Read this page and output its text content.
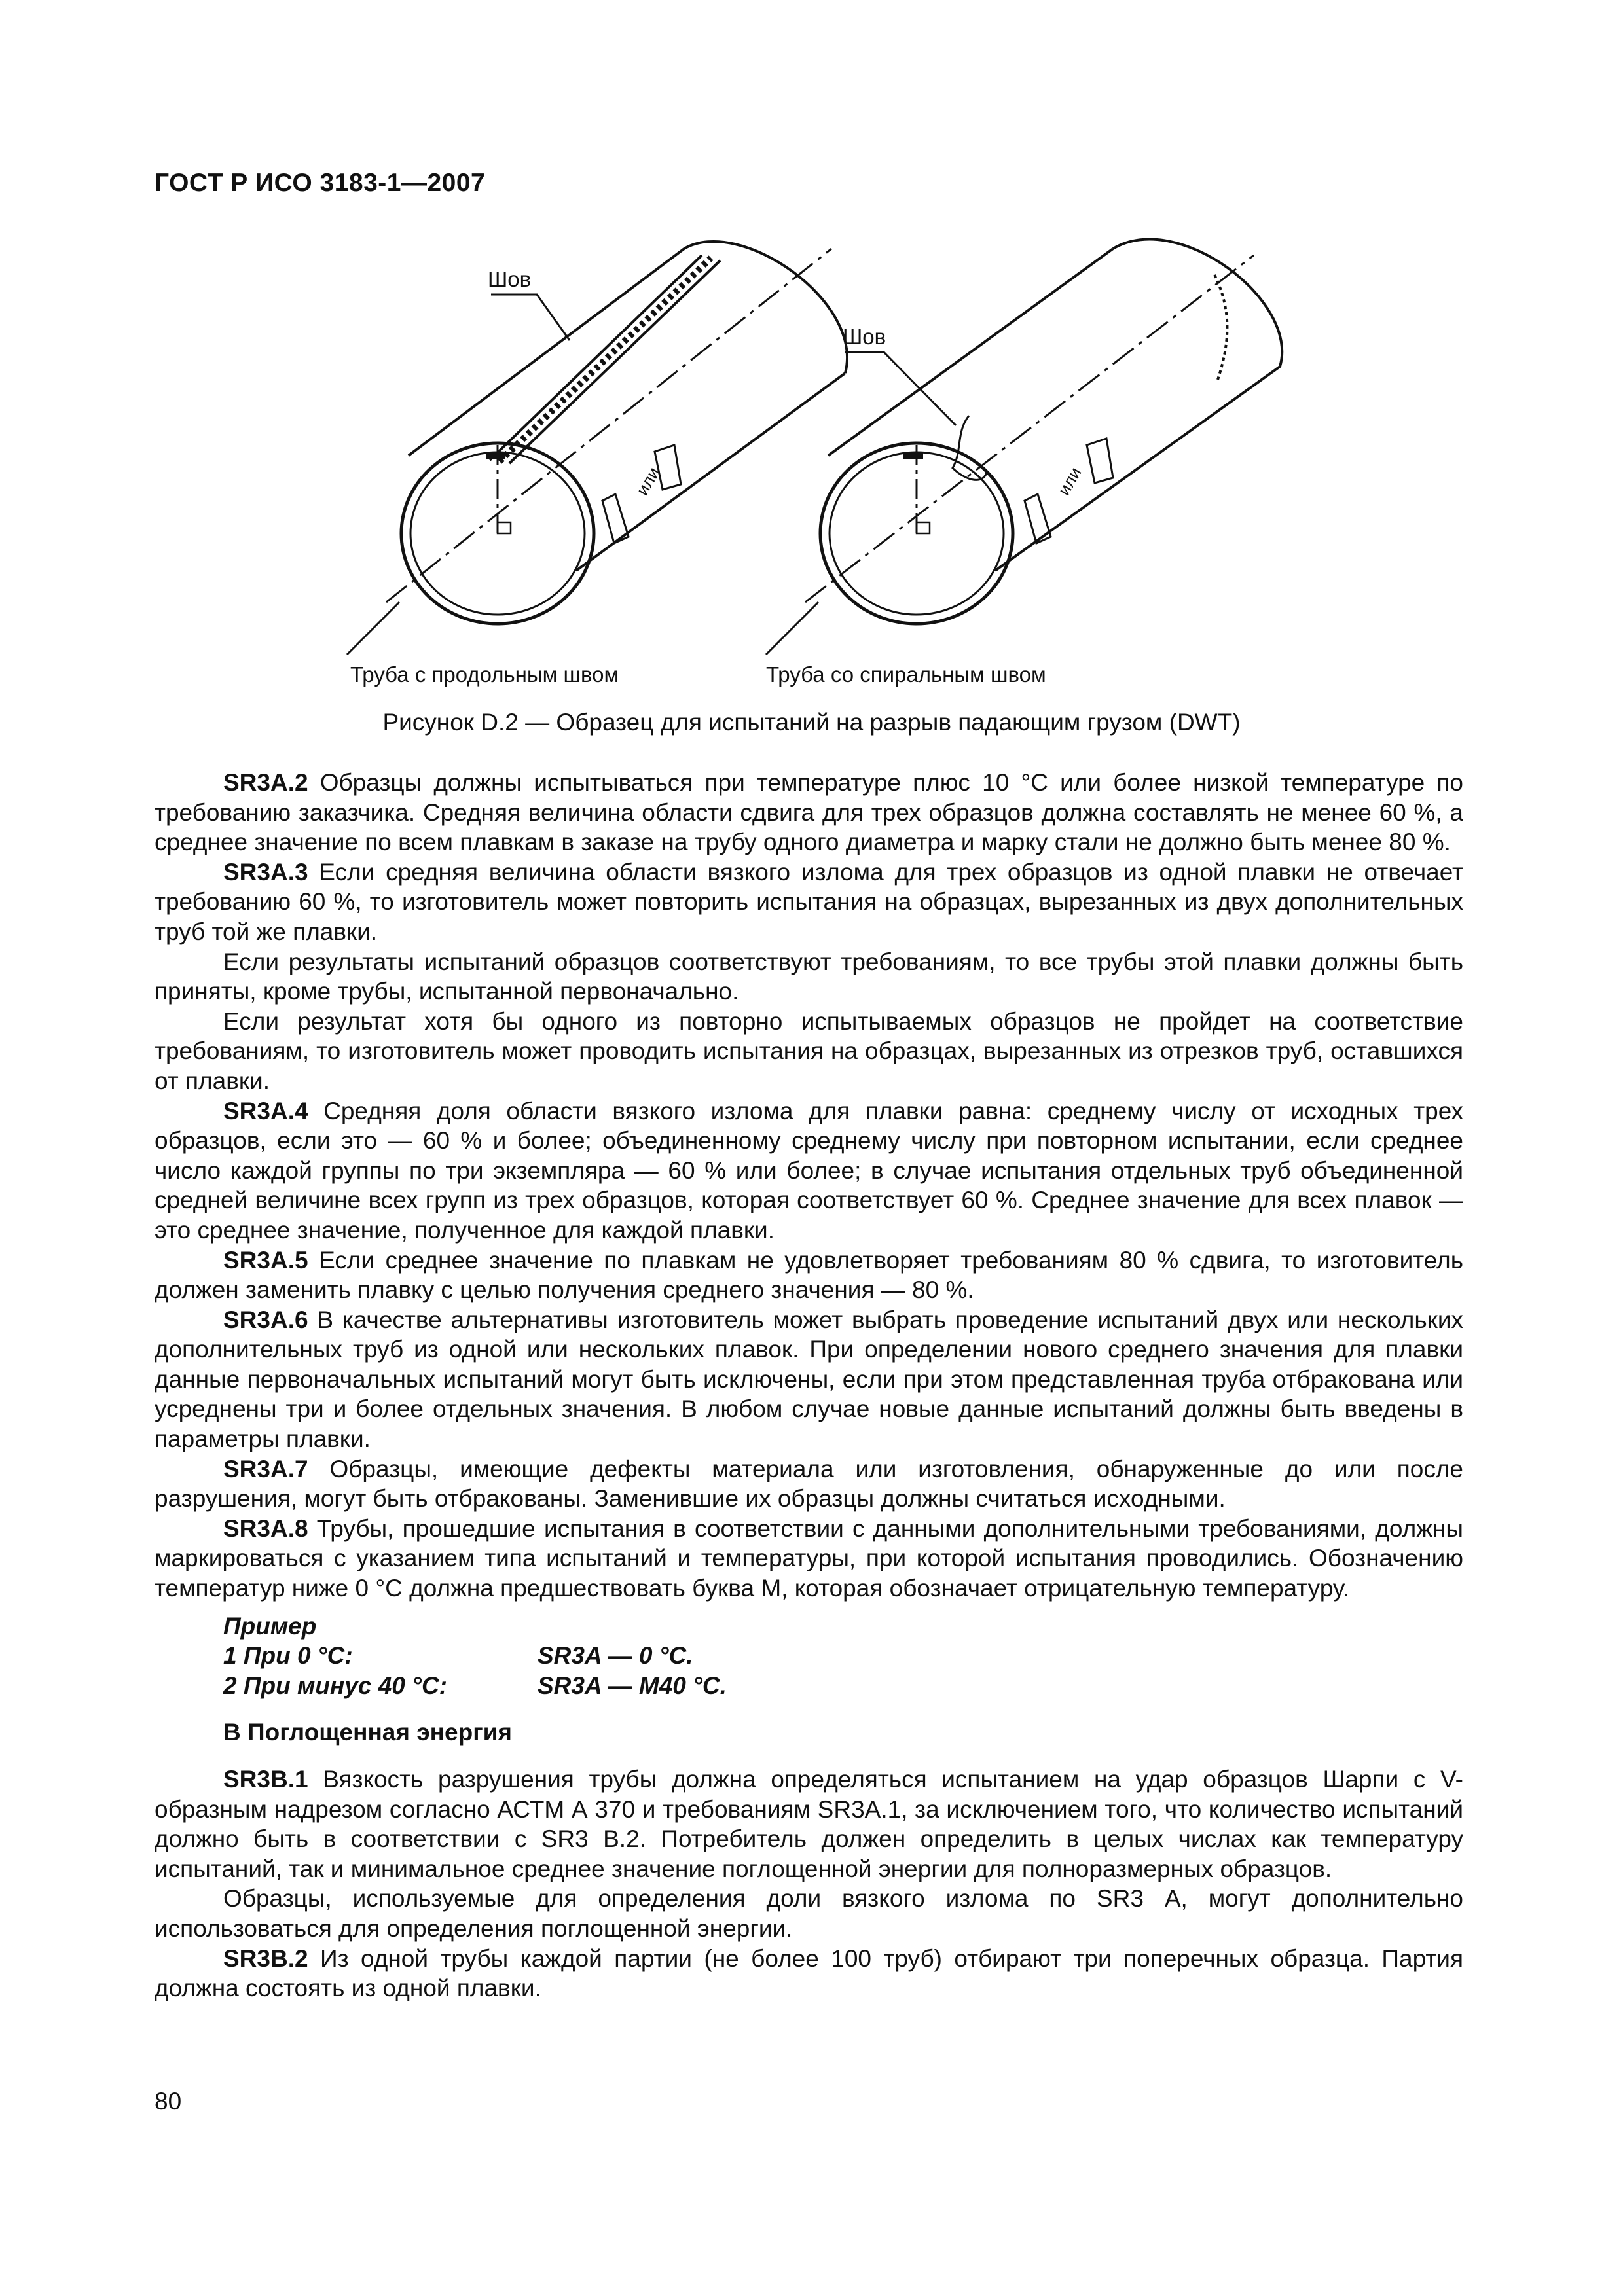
ГОСТ Р ИСО 3183-1—2007
Шов
Шов
или	или
Труба с продольным швом	Труба со спиральным швом
Рисунок D.2 — Образец для испытаний на разрыв падающим грузом (DWT)

SR3A.2 Образцы должны испытываться при температуре плюс 10 °С или более низкой температуре по требованию заказчика. Средняя величина области сдвига для трех образцов должна составлять не менее 60 %, а среднее значение по всем плавкам в заказе на трубу одного диаметра и марку стали не должно быть менее 80 %.

SR3A.3 Если средняя величина области вязкого излома для трех образцов из одной плавки не отвечает требованию 60 %, то изготовитель может повторить испытания на образцах, вырезанных из двух дополнительных труб той же плавки.

Если результаты испытаний образцов соответствуют требованиям, то все трубы этой плавки должны быть приняты, кроме трубы, испытанной первоначально.

Если результат хотя бы одного из повторно испытываемых образцов не пройдет на соответствие требованиям, то изготовитель может проводить испытания на образцах, вырезанных из отрезков труб, оставшихся от плавки.

SR3A.4 Средняя доля области вязкого излома для плавки равна: среднему числу от исходных трех образцов, если это — 60 % и более; объединенному среднему числу при повторном испытании, если среднее число каждой группы по три экземпляра — 60 % или более; в случае испытания отдельных труб объединенной средней величине всех групп из трех образцов, которая соответствует 60 %. Среднее значение для всех плавок — это среднее значение, полученное для каждой плавки.

SR3A.5 Если среднее значение по плавкам не удовлетворяет требованиям 80 % сдвига, то изготовитель должен заменить плавку с целью получения среднего значения — 80 %.

SR3A.6 В качестве альтернативы изготовитель может выбрать проведение испытаний двух или нескольких дополнительных труб из одной или нескольких плавок. При определении нового среднего значения для плавки данные первоначальных испытаний могут быть исключены, если при этом представленная труба отбракована или усреднены три и более отдельных значения. В любом случае новые данные испытаний должны быть введены в параметры плавки.

SR3A.7 Образцы, имеющие дефекты материала или изготовления, обнаруженные до или после разрушения, могут быть отбракованы. Заменившие их образцы должны считаться исходными.

SR3A.8 Трубы, прошедшие испытания в соответствии с данными дополнительными требованиями, должны маркироваться с указанием типа испытаний и температуры, при которой испытания проводились. Обозначению температур ниже 0 °С должна предшествовать буква М, которая обозначает отрицательную температуру.

Пример
1 При 0 °С:	SR3A — 0 °С.
2 При минус 40 °С:	SR3A — M40 °С.
В Поглощенная энергия

SR3B.1 Вязкость разрушения трубы должна определяться испытанием на удар образцов Шарпи с V-образным надрезом согласно АСТМ А 370 и требованиям SR3A.1, за исключением того, что количество испытаний должно быть в соответствии с SR3 В.2. Потребитель должен определить в целых числах как температуру испытаний, так и минимальное среднее значение поглощенной энергии для полноразмерных образцов.

Образцы, используемые для определения доли вязкого излома по SR3 А, могут дополнительно использоваться для определения поглощенной энергии.

SR3B.2 Из одной трубы каждой партии (не более 100 труб) отбирают три поперечных образца. Партия должна состоять из одной плавки.

80
